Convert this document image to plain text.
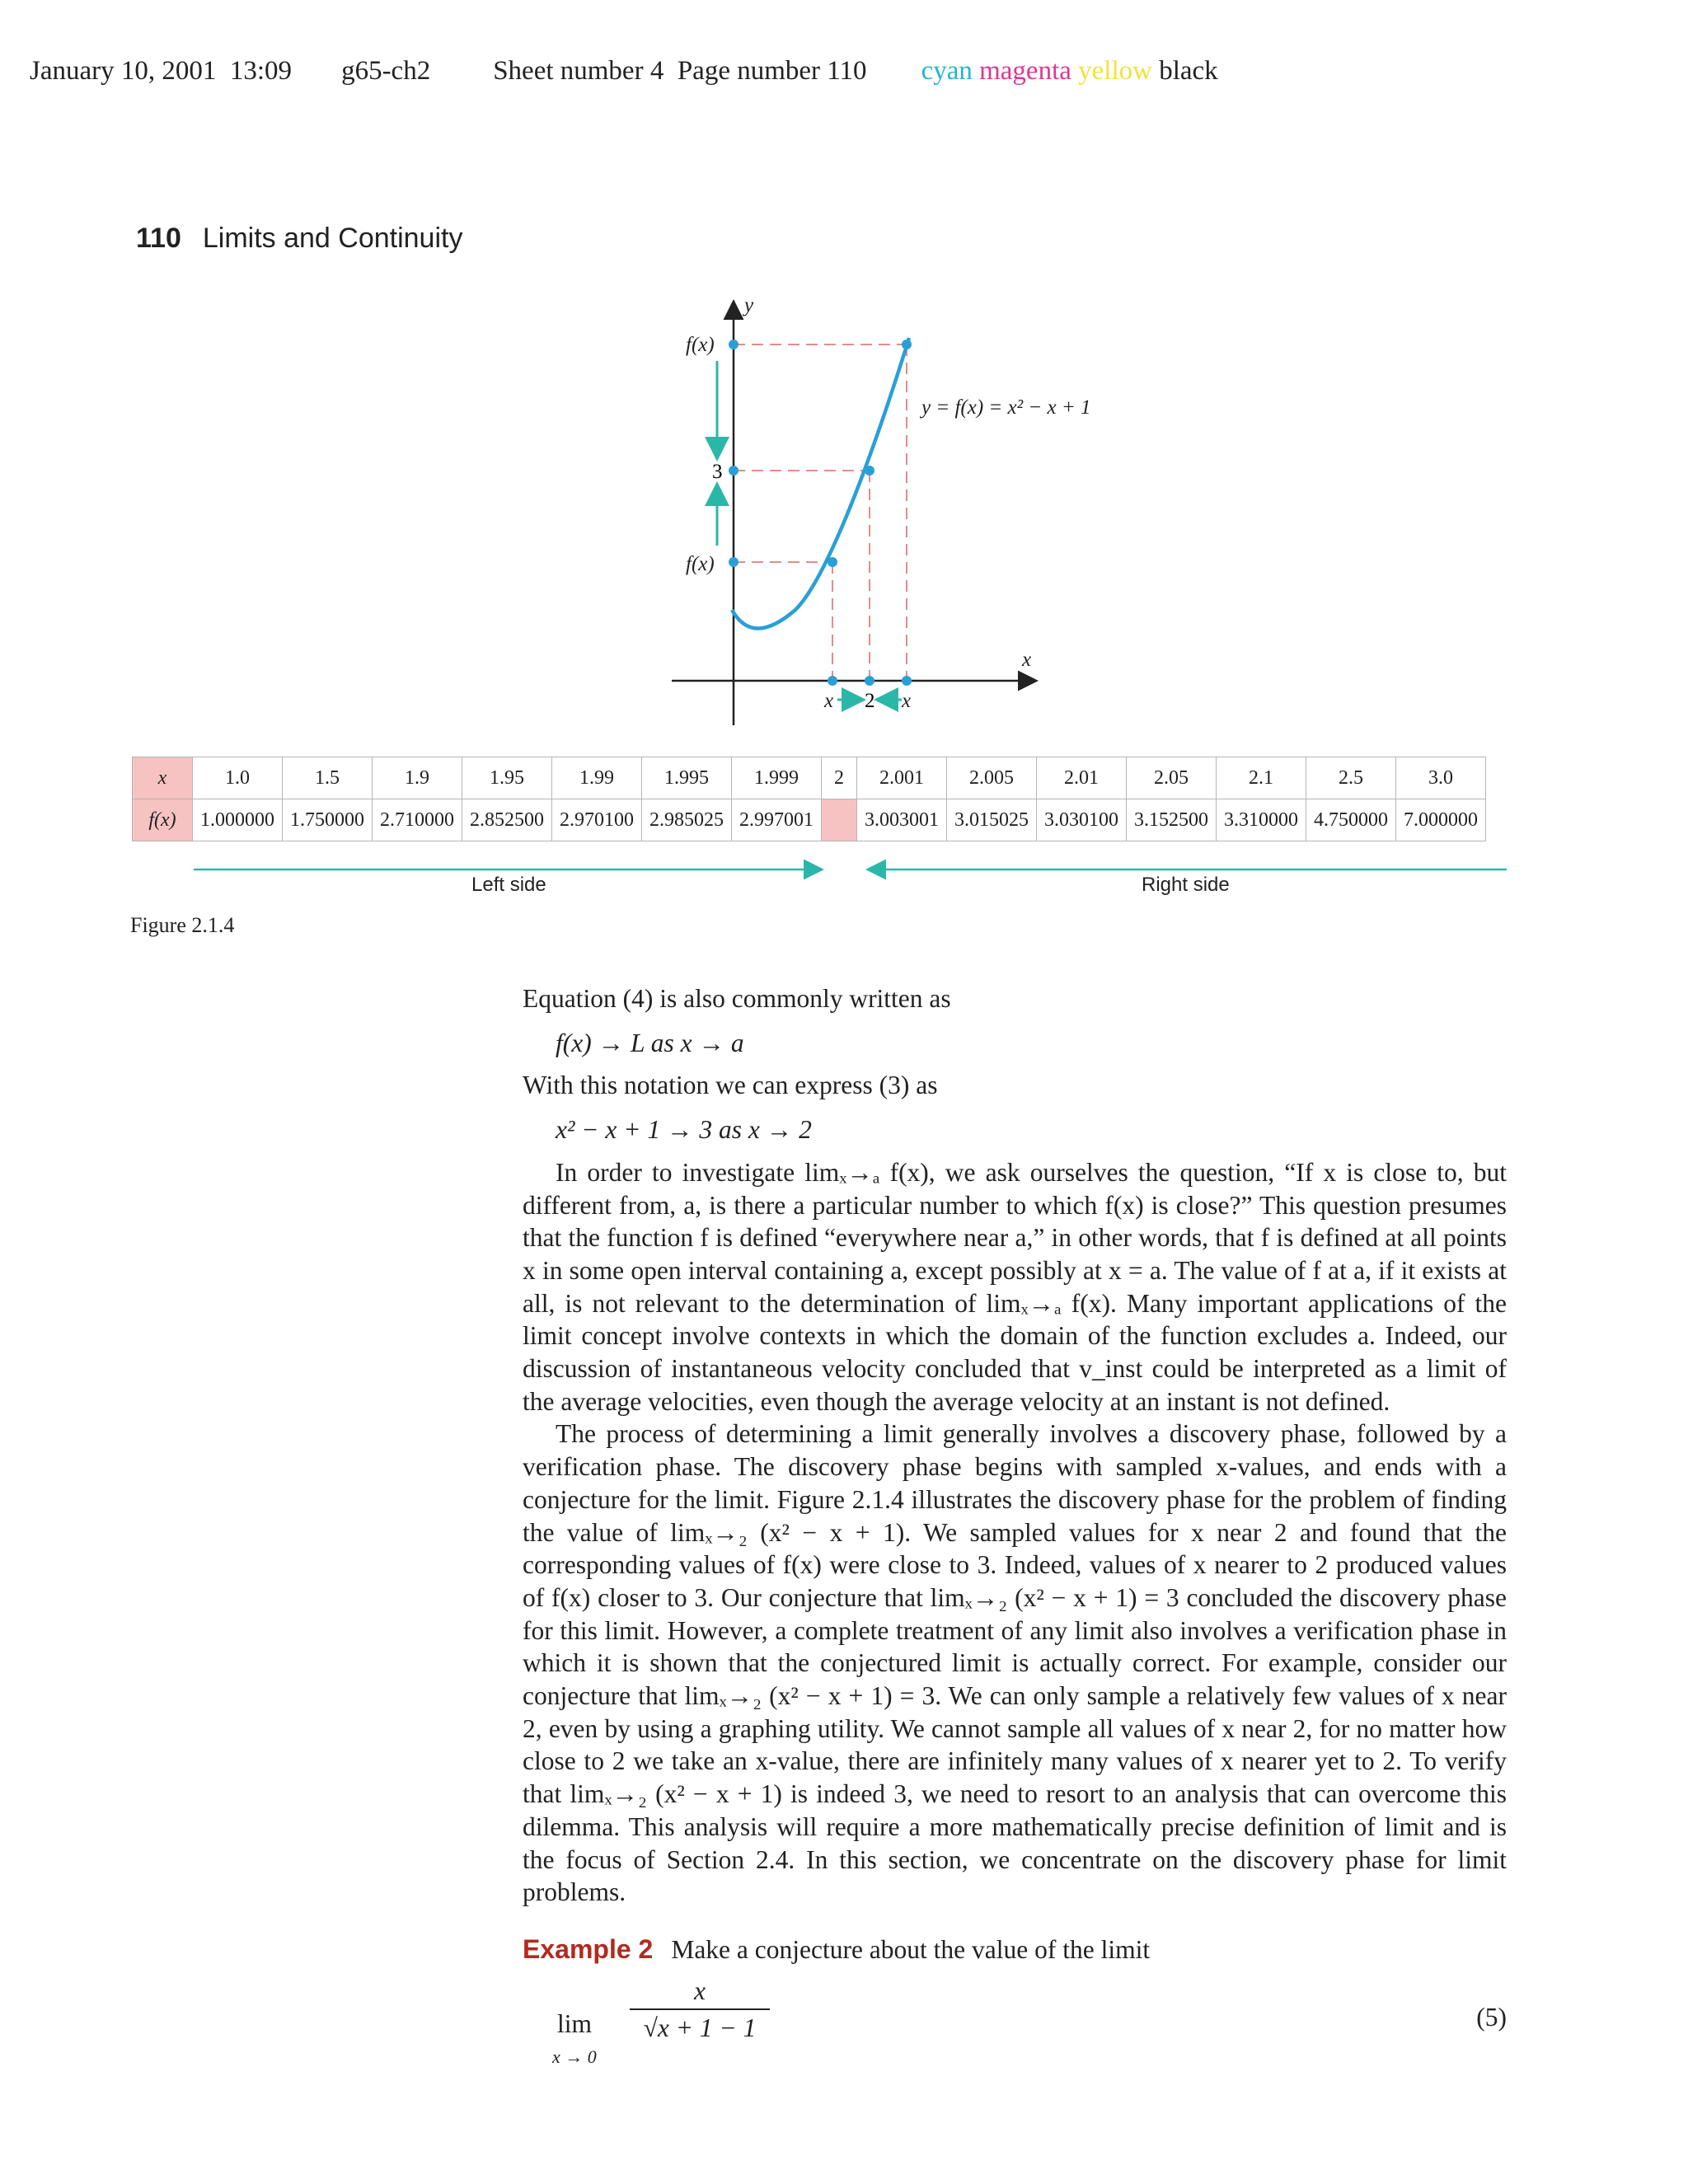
January 10, 2001 13:09 g65-ch2 Sheet number 4 Page number 110 cyan magenta yellow black
110 Limits and Continuity
y
x
f(x)
3
f(x)
x 2 x
y = f(x) = x² − x + 1
x	1.0	1.5	1.9	1.95	1.99	1.995	1.999	2	2.001	2.005	2.01	2.05	2.1	2.5	3.0
f(x)	1.000000	1.750000	2.710000	2.852500	2.970100	2.985025	2.997001		3.003001	3.015025	3.030100	3.152500	3.310000	4.750000	7.000000
Left side	Right side
Figure 2.1.4

Equation (4) is also commonly written as

f(x) → L as x → a

With this notation we can express (3) as

x² − x + 1 → 3 as x → 2

In order to investigate limₓ→ₐ f(x), we ask ourselves the question, “If x is close to, but different from, a, is there a particular number to which f(x) is close?” This question presumes that the function f is defined “everywhere near a,” in other words, that f is defined at all points x in some open interval containing a, except possibly at x = a. The value of f at a, if it exists at all, is not relevant to the determination of limₓ→ₐ f(x). Many important applications of the limit concept involve contexts in which the domain of the function excludes a. Indeed, our discussion of instantaneous velocity concluded that v_inst could be interpreted as a limit of the average velocities, even though the average velocity at an instant is not defined.

The process of determining a limit generally involves a discovery phase, followed by a verification phase. The discovery phase begins with sampled x-values, and ends with a conjecture for the limit. Figure 2.1.4 illustrates the discovery phase for the problem of finding the value of limₓ→₂ (x² − x + 1). We sampled values for x near 2 and found that the corresponding values of f(x) were close to 3. Indeed, values of x nearer to 2 produced values of f(x) closer to 3. Our conjecture that limₓ→₂ (x² − x + 1) = 3 concluded the discovery phase for this limit. However, a complete treatment of any limit also involves a verification phase in which it is shown that the conjectured limit is actually correct. For example, consider our conjecture that limₓ→₂ (x² − x + 1) = 3. We can only sample a relatively few values of x near 2, even by using a graphing utility. We cannot sample all values of x near 2, for no matter how close to 2 we take an x-value, there are infinitely many values of x nearer yet to 2. To verify that limₓ→₂ (x² − x + 1) is indeed 3, we need to resort to an analysis that can overcome this dilemma. This analysis will require a more mathematically precise definition of limit and is the focus of Section 2.4. In this section, we concentrate on the discovery phase for limit problems.

Example 2 Make a conjecture about the value of the limit
lim
x → 0
x
√x + 1 − 1	(5)
